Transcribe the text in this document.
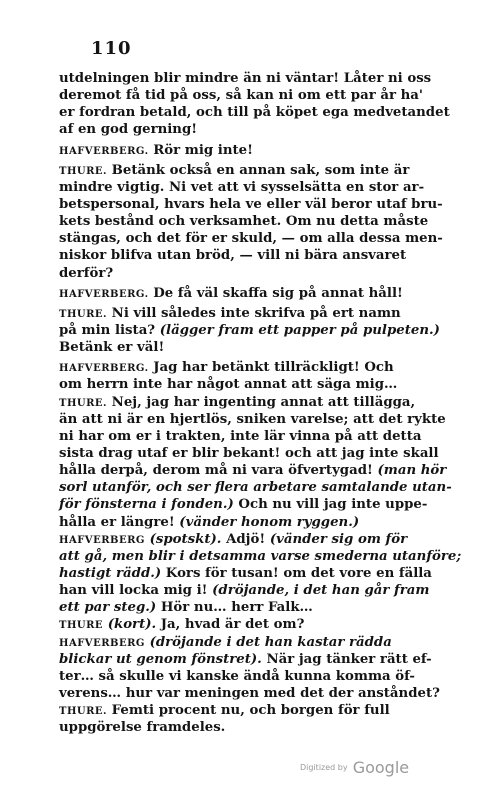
110
utdelningen blir mindre än ni väntar! Låter ni oss
deremot få tid på oss, så kan ni om ett par år ha'
er fordran betald, och till på köpet ega medvetandet
af en god gerning!
HAFVERBERG. Rör mig inte!
THURE. Betänk också en annan sak, som inte är
mindre vigtig. Ni vet att vi sysselsätta en stor ar-
betspersonal, hvars hela ve eller väl beror utaf bru-
kets bestånd och verksamhet. Om nu detta måste
stängas, och det för er skuld, — om alla dessa men-
niskor blifva utan bröd, — vill ni bära ansvaret
derför?
HAFVERBERG. De få väl skaffa sig på annat håll!
THURE. Ni vill således inte skrifva på ert namn
på min lista? (lägger fram ett papper på pulpeten.)
Betänk er väl!
HAFVERBERG. Jag har betänkt tillräckligt! Och
om herrn inte har något annat att säga mig…
THURE. Nej, jag har ingenting annat att tillägga,
än att ni är en hjertlös, sniken varelse; att det rykte
ni har om er i trakten, inte lär vinna på att detta
sista drag utaf er blir bekant! och att jag inte skall
hålla derpå, derom må ni vara öfvertygad! (man hör
sorl utanför, och ser flera arbetare samtalande utan-
för fönsterna i fonden.) Och nu vill jag inte uppe-
hålla er längre! (vänder honom ryggen.)
HAFVERBERG (spotskt). Adjö! (vänder sig om för
att gå, men blir i detsamma varse smederna utanföre;
hastigt rädd.) Kors för tusan! om det vore en fälla
han vill locka mig i! (dröjande, i det han går fram
ett par steg.) Hör nu… herr Falk…
THURE (kort). Ja, hvad är det om?
HAFVERBERG (dröjande i det han kastar rädda
blickar ut genom fönstret). När jag tänker rätt ef-
ter… så skulle vi kanske ändå kunna komma öf-
verens… hur var meningen med det der anståndet?
THURE. Femti procent nu, och borgen för full
uppgörelse framdeles.
Digitized by Google
